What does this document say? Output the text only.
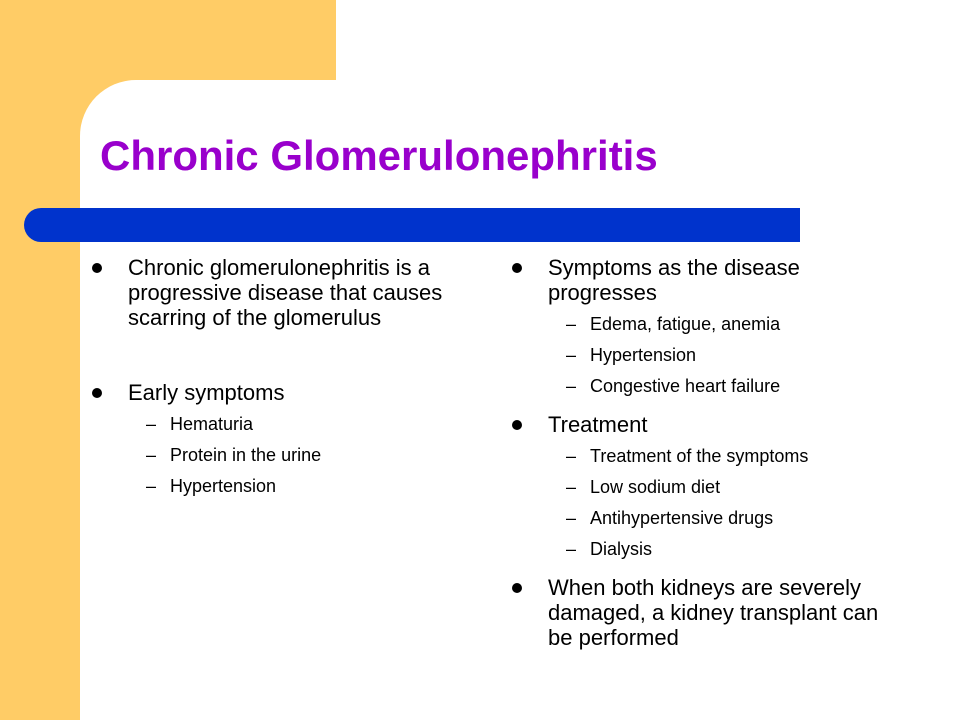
Chronic Glomerulonephritis
Chronic glomerulonephritis is a progressive disease that causes scarring of the glomerulus
Early symptoms
– Hematuria
– Protein in the urine
– Hypertension
Symptoms as the disease progresses
– Edema, fatigue, anemia
– Hypertension
– Congestive heart failure
Treatment
– Treatment of the symptoms
– Low sodium diet
– Antihypertensive drugs
– Dialysis
When both kidneys are severely damaged, a kidney transplant can be performed
